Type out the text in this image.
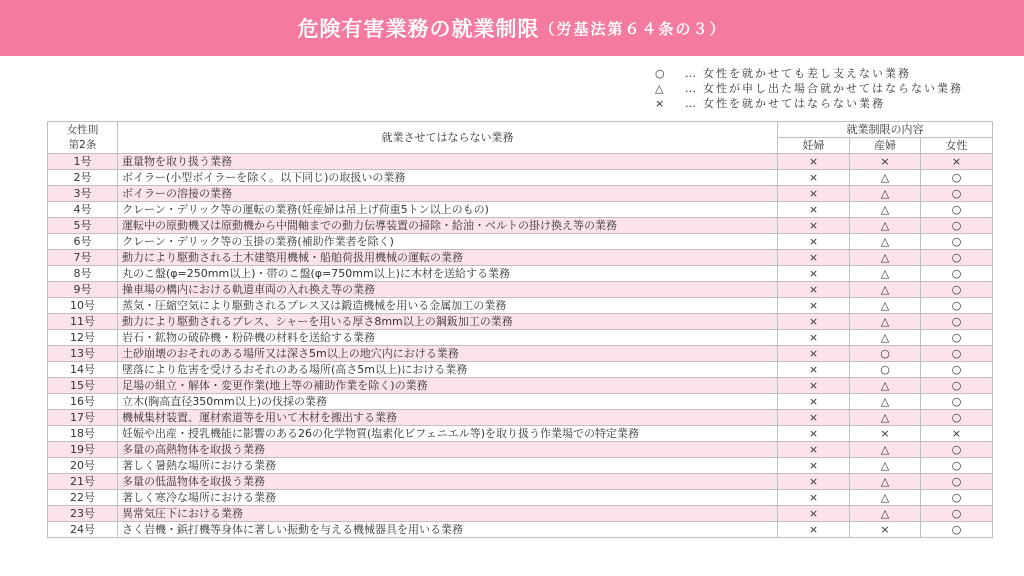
危険有害業務の就業制限 （労基法第６４条の３）
○ … 女性を就かせても差し支えない業務
△ … 女性が申し出た場合就かせてはならない業務
× … 女性を就かせてはならない業務
女性則
第2条	就業させてはならない業務	就業制限の内容		
		妊婦	産婦	女性
1号	重量物を取り扱う業務	×	×	×
2号	ボイラー(小型ボイラーを除く。以下同じ)の取扱いの業務	×	△	○
3号	ボイラーの溶接の業務	×	△	○
4号	クレーン・デリック等の運転の業務(妊産婦は吊上げ荷重5トン以上のもの)	×	△	○
5号	運転中の原動機又は原動機から中間軸までの動力伝導装置の掃除・給油・ベルトの掛け換え等の業務	×	△	○
6号	クレーン・デリック等の玉掛の業務(補助作業者を除く)	×	△	○
7号	動力により駆動される土木建築用機械・船舶荷扱用機械の運転の業務	×	△	○
8号	丸のこ盤(φ=250mm以上)・帯のこ盤(φ=750mm以上)に木材を送給する業務	×	△	○
9号	操車場の構内における軌道車両の入れ換え等の業務	×	△	○
10号	蒸気・圧縮空気により駆動されるプレス又は鍛造機械を用いる金属加工の業務	×	△	○
11号	動力により駆動されるプレス、シャーを用いる厚さ8mm以上の鋼鈑加工の業務	×	△	○
12号	岩石・鉱物の破砕機・粉砕機の材料を送給する業務	×	△	○
13号	土砂崩壊のおそれのある場所又は深さ5m以上の地穴内における業務	×	○	○
14号	墜落により危害を受けるおそれのある場所(高さ5m以上)における業務	×	○	○
15号	足場の組立・解体・変更作業(地上等の補助作業を除く)の業務	×	△	○
16号	立木(胸高直径350mm以上)の伐採の業務	×	△	○
17号	機械集材装置、運材索道等を用いて木材を搬出する業務	×	△	○
18号	妊娠や出産・授乳機能に影響のある26の化学物質(塩素化ビフェニエル等)を取り扱う作業場での特定業務	×	×	×
19号	多量の高熱物体を取扱う業務	×	△	○
20号	著しく暑熱な場所における業務	×	△	○
21号	多量の低温物体を取扱う業務	×	△	○
22号	著しく寒冷な場所における業務	×	△	○
23号	異常気圧下における業務	×	△	○
24号	さく岩機・鋲打機等身体に著しい振動を与える機械器具を用いる業務	×	×	○
